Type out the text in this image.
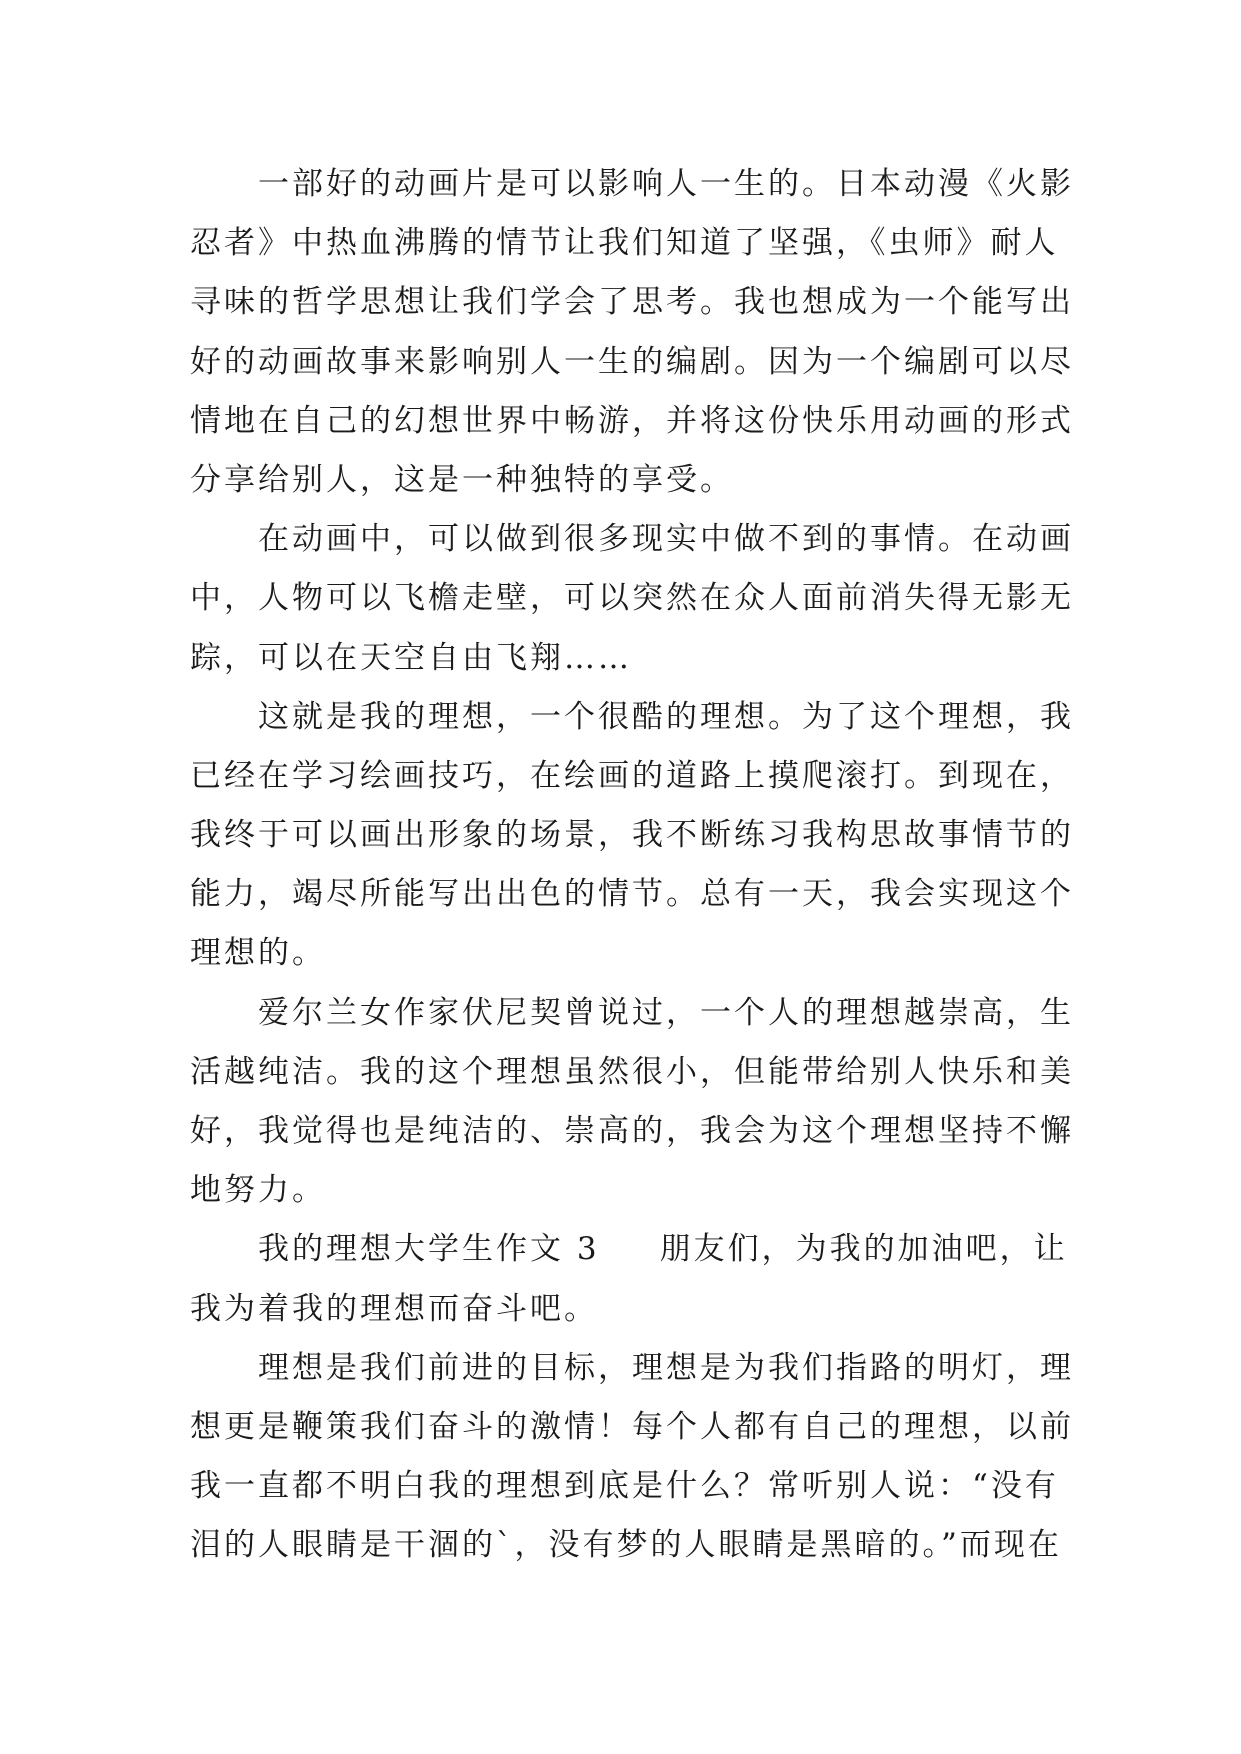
一部好的动画片是可以影响人一生的。日本动漫《火影
忍者》中热血沸腾的情节让我们知道了坚强，《虫师》耐人
寻味的哲学思想让我们学会了思考。我也想成为一个能写出
好的动画故事来影响别人一生的编剧。因为一个编剧可以尽
情地在自己的幻想世界中畅游，并将这份快乐用动画的形式
分享给别人，这是一种独特的享受。
在动画中，可以做到很多现实中做不到的事情。在动画
中，人物可以飞檐走壁，可以突然在众人面前消失得无影无
踪，可以在天空自由飞翔……
这就是我的理想，一个很酷的理想。为了这个理想，我
已经在学习绘画技巧，在绘画的道路上摸爬滚打。到现在，
我终于可以画出形象的场景，我不断练习我构思故事情节的
能力，竭尽所能写出出色的情节。总有一天，我会实现这个
理想的。
爱尔兰女作家伏尼契曾说过，一个人的理想越崇高，生
活越纯洁。我的这个理想虽然很小，但能带给别人快乐和美
好，我觉得也是纯洁的、崇高的，我会为这个理想坚持不懈
地努力。
我的理想大学生作文 3 朋友们，为我的加油吧，让
我为着我的理想而奋斗吧。
理想是我们前进的目标，理想是为我们指路的明灯，理
想更是鞭策我们奋斗的激情！每个人都有自己的理想，以前
我一直都不明白我的理想到底是什么？常听别人说：“没有
泪的人眼睛是干涸的`，没有梦的人眼睛是黑暗的。”而现在
